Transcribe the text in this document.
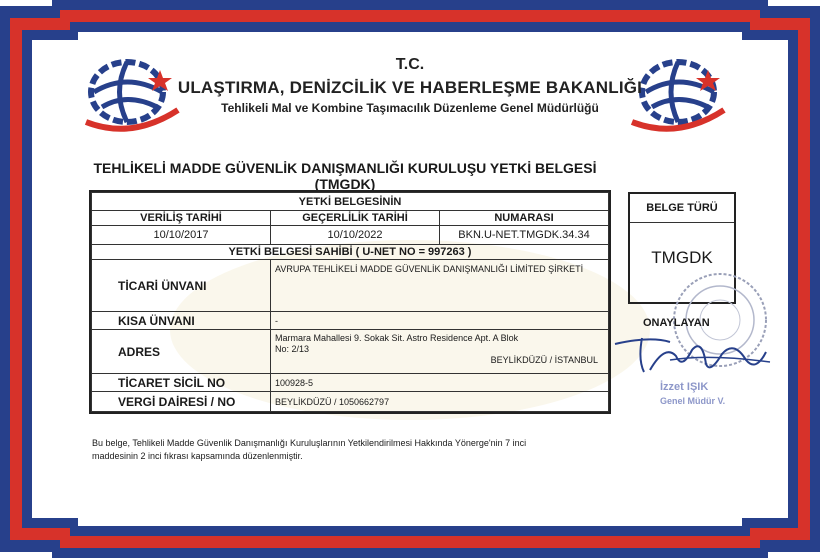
T.C.
ULAŞTIRMA, DENİZCİLİK VE HABERLEŞME BAKANLIĞI
Tehlikeli Mal ve Kombine Taşımacılık Düzenleme Genel Müdürlüğü
TEHLİKELİ MADDE GÜVENLİK DANIŞMANLIĞI KURULUŞU YETKİ BELGESİ
(TMGDK)
YETKİ BELGESİNİN		
VERİLİŞ TARİHİ	GEÇERLİLİK TARİHİ	NUMARASI
10/10/2017	10/10/2022	BKN.U-NET.TMGDK.34.34
YETKİ BELGESİ SAHİBİ ( U-NET NO = 997263 )		
TİCARİ ÜNVANI	AVRUPA TEHLİKELİ MADDE GÜVENLİK DANIŞMANLIĞI LİMİTED ŞİRKETİ	
KISA ÜNVANI	-	
ADRES	Marmara Mahallesi 9. Sokak Sit. Astro Residence Apt. A Blok
No: 2/13
BEYLİKDÜZÜ / İSTANBUL	

TİCARET SİCİL NO	100928-5	
VERGİ DAİRESİ / NO	BEYLİKDÜZÜ / 1050662797	
BELGE TÜRÜ
TMGDK
ONAYLAYAN
İzzet IŞIK
Genel Müdür V.
Bu belge, Tehlikeli Madde Güvenlik Danışmanlığı Kuruluşlarının Yetkilendirilmesi Hakkında Yönerge'nin 7 inci
maddesinin 2 inci fıkrası kapsamında düzenlenmiştir.
